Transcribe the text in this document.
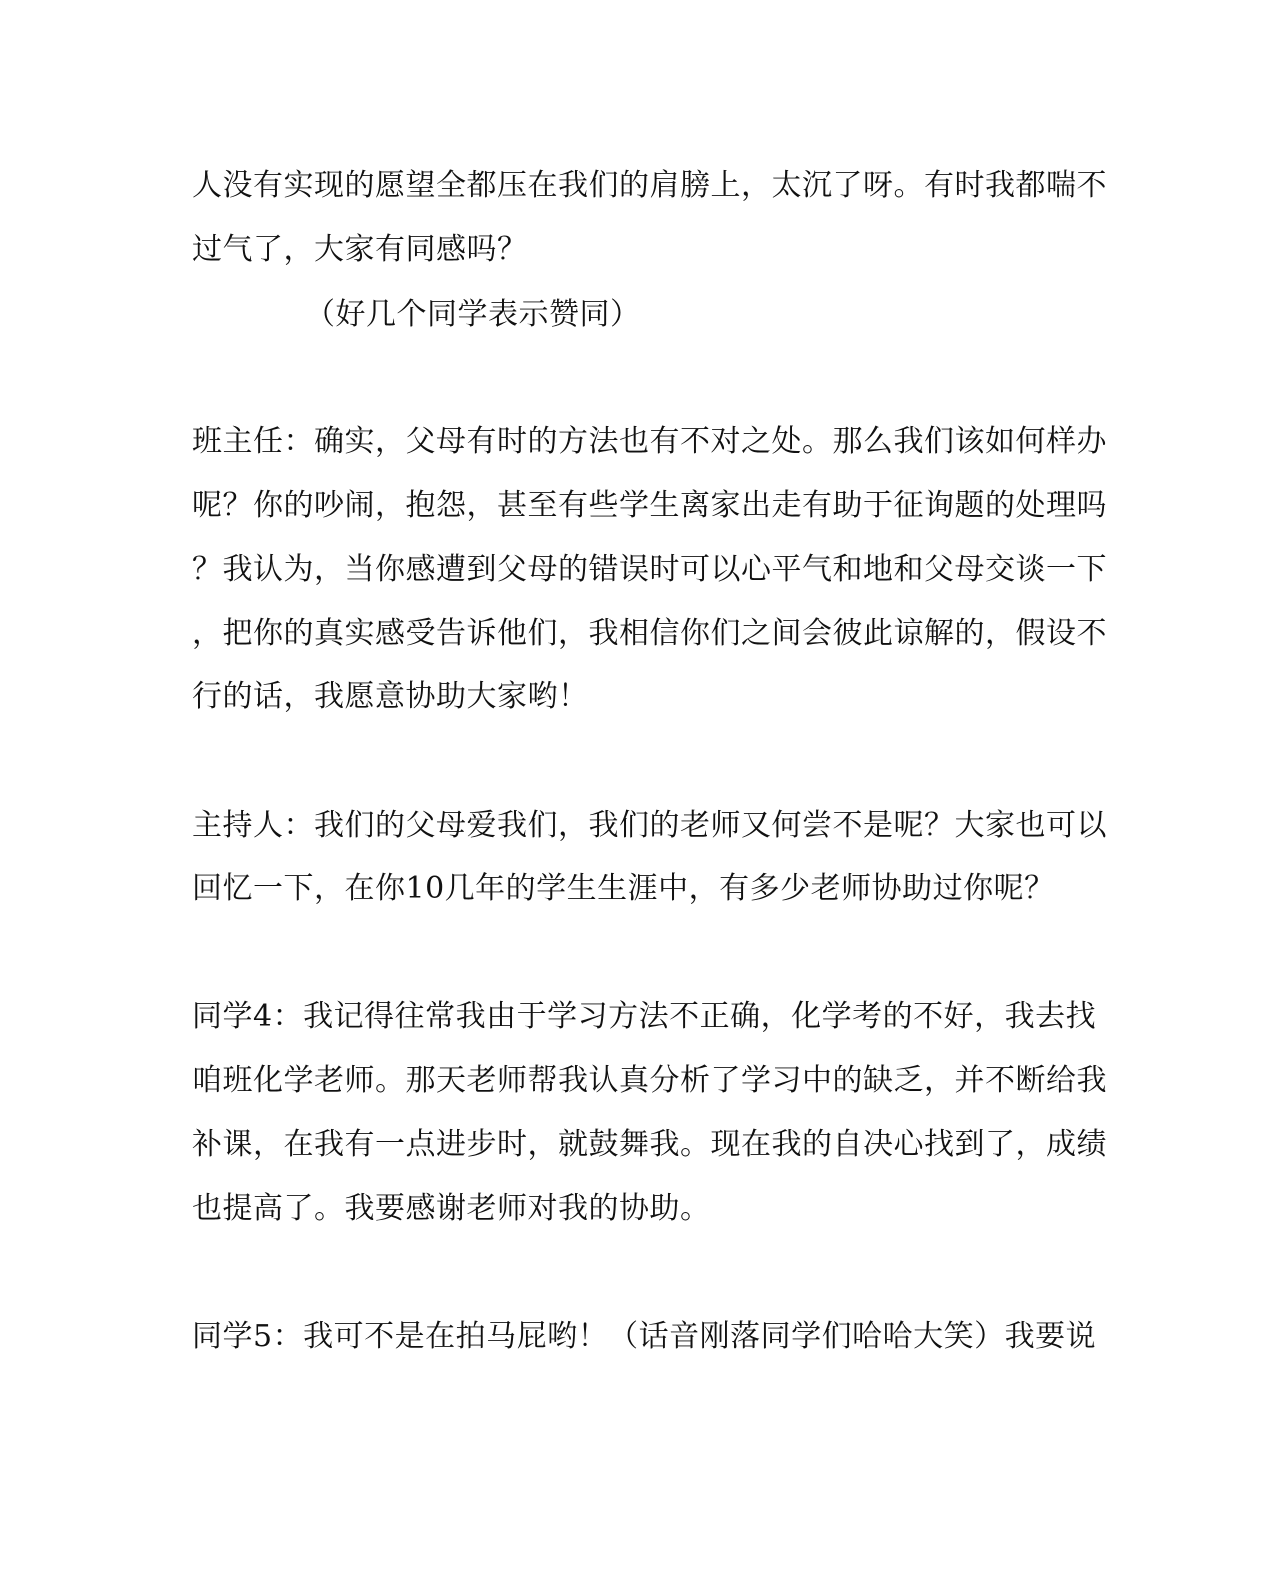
人没有实现的愿望全都压在我们的肩膀上，太沉了呀。有时我都喘不
过气了，大家有同感吗？
（好几个同学表示赞同）
班主任：确实，父母有时的方法也有不对之处。那么我们该如何样办
呢？你的吵闹，抱怨，甚至有些学生离家出走有助于征询题的处理吗
？我认为，当你感遭到父母的错误时可以心平气和地和父母交谈一下
，把你的真实感受告诉他们，我相信你们之间会彼此谅解的，假设不
行的话，我愿意协助大家哟！
主持人：我们的父母爱我们，我们的老师又何尝不是呢？大家也可以
回忆一下，在你10几年的学生生涯中，有多少老师协助过你呢？
同学4：我记得往常我由于学习方法不正确，化学考的不好，我去找
咱班化学老师。那天老师帮我认真分析了学习中的缺乏，并不断给我
补课，在我有一点进步时，就鼓舞我。现在我的自决心找到了，成绩
也提高了。我要感谢老师对我的协助。
同学5：我可不是在拍马屁哟！（话音刚落同学们哈哈大笑）我要说
